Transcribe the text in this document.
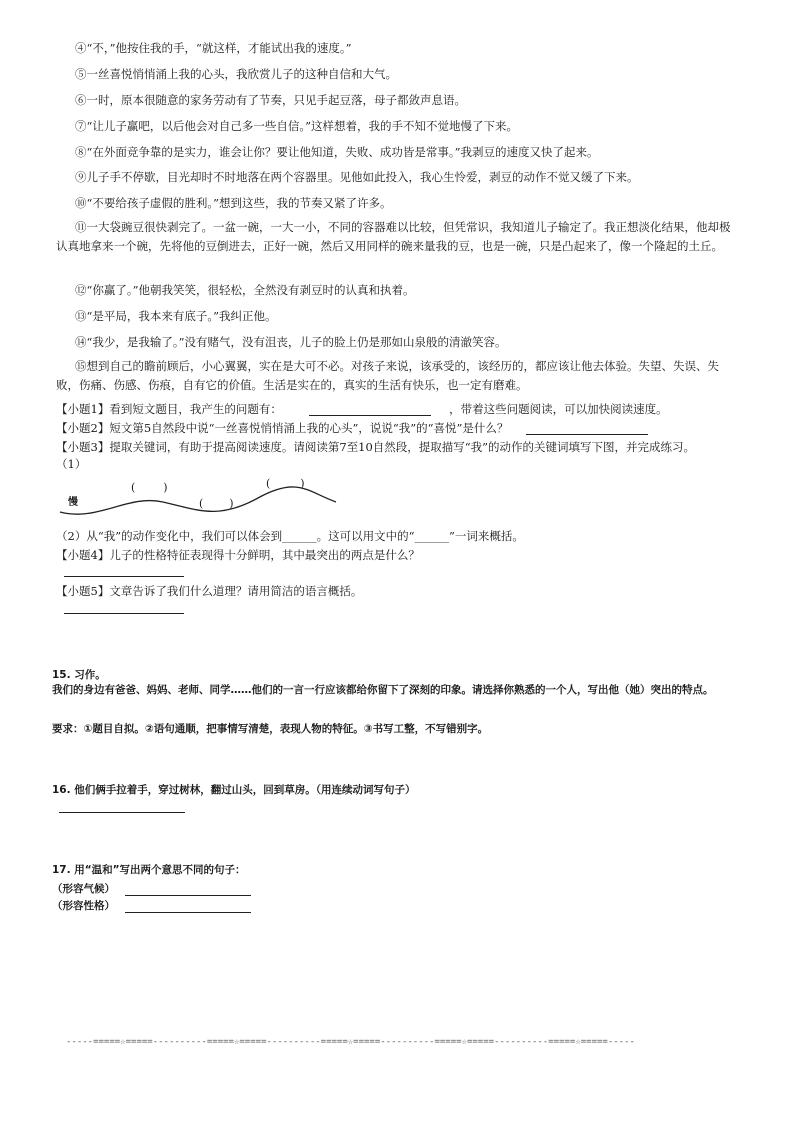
④“不，”他按住我的手，“就这样，才能试出我的速度。”
⑤一丝喜悦悄悄涌上我的心头，我欣赏儿子的这种自信和大气。
⑥一时，原本很随意的家务劳动有了节奏，只见手起豆落，母子都敛声息语。
⑦“让儿子赢吧，以后他会对自己多一些自信。”这样想着，我的手不知不觉地慢了下来。
⑧“在外面竞争靠的是实力，谁会让你？要让他知道，失败、成功皆是常事。”我剥豆的速度又快了起来。
⑨儿子手不停歇，目光却时不时地落在两个容器里。见他如此投入，我心生怜爱，剥豆的动作不觉又缓了下来。
⑩“不要给孩子虚假的胜利。”想到这些，我的节奏又紧了许多。
⑪一大袋豌豆很快剥完了。一盆一碗，一大一小，不同的容器难以比较，但凭常识，我知道儿子输定了。我正想淡化结果，他却极认真地拿来一个碗，先将他的豆倒进去，正好一碗，然后又用同样的碗来量我的豆，也是一碗，只是凸起来了，像一个隆起的土丘。
⑫“你赢了。”他朝我笑笑，很轻松，全然没有剥豆时的认真和执着。
⑬“是平局，我本来有底子。”我纠正他。
⑭“我少，是我输了。”没有赌气，没有沮丧，儿子的脸上仍是那如山泉般的清澈笑容。
⑮想到自己的瞻前顾后，小心翼翼，实在是大可不必。对孩子来说，该承受的，该经历的，都应该让他去体验。失望、失误、失败，伤痛、伤感、伤痕，自有它的价值。生活是实在的，真实的生活有快乐，也一定有磨难。
【小题1】看到短文题目，我产生的问题有：	，带着这些问题阅读，可以加快阅读速度。
【小题2】短文第5自然段中说“一丝喜悦悄悄涌上我的心头”，说说“我”的“喜悦”是什么？
【小题3】提取关键词，有助于提高阅读速度。请阅读第7至10自然段，提取描写“我”的动作的关键词填写下图，并完成练习。
（1）
慢
(	)
( )
(	)
（2）从“我”的动作变化中，我们可以体会到______。这可以用文中的“______”一词来概括。
【小题4】儿子的性格特征表现得十分鲜明，其中最突出的两点是什么？
【小题5】文章告诉了我们什么道理？请用简洁的语言概括。
15. 习作。
我们的身边有爸爸、妈妈、老师、同学……他们的一言一行应该都给你留下了深刻的印象。请选择你熟悉的一个人，写出他（她）突出的特点。
要求：①题目自拟。②语句通顺，把事情写清楚，表现人物的特征。③书写工整，不写错别字。
16. 他们俩手拉着手，穿过树林，翻过山头，回到草房。（用连续动词写句子）
17. 用“温和”写出两个意思不同的句子：
（形容气候）
（形容性格）
-----=====☆=====----------=====☆=====----------=====☆=====----------=====☆=====----------=====☆=====-----
